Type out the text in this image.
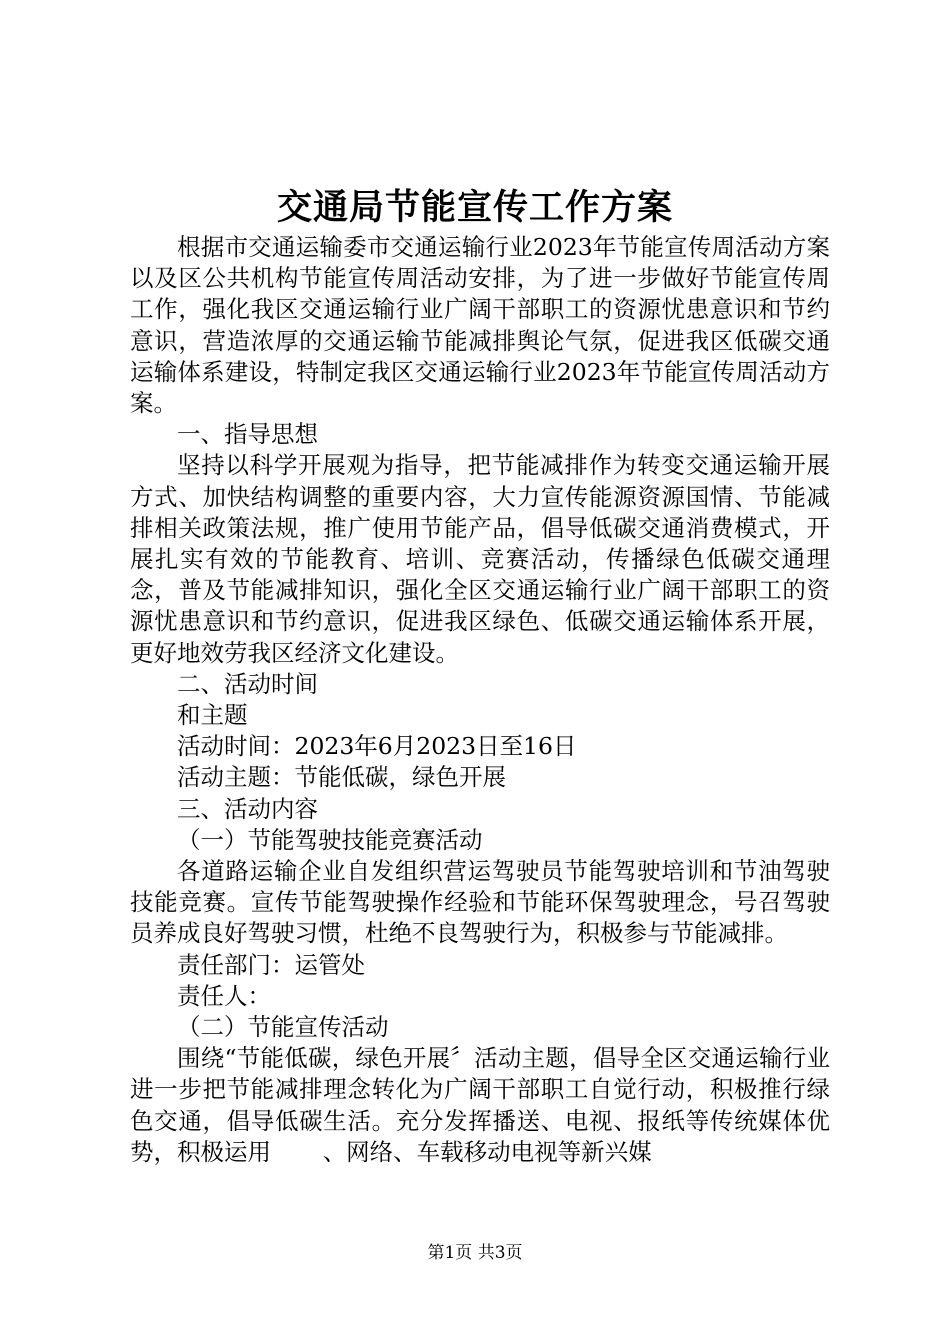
交通局节能宣传工作方案

根据市交通运输委市交通运输行业2023年节能宣传周活动方案以及区公共机构节能宣传周活动安排，为了进一步做好节能宣传周工作，强化我区交通运输行业广阔干部职工的资源忧患意识和节约意识，营造浓厚的交通运输节能减排舆论气氛，促进我区低碳交通运输体系建设，特制定我区交通运输行业2023年节能宣传周活动方案。

一、指导思想

坚持以科学开展观为指导，把节能减排作为转变交通运输开展方式、加快结构调整的重要内容，大力宣传能源资源国情、节能减排相关政策法规，推广使用节能产品，倡导低碳交通消费模式，开展扎实有效的节能教育、培训、竞赛活动，传播绿色低碳交通理念，普及节能减排知识，强化全区交通运输行业广阔干部职工的资源忧患意识和节约意识，促进我区绿色、低碳交通运输体系开展，更好地效劳我区经济文化建设。

二、活动时间

和主题

活动时间：2023年6月2023日至16日

活动主题：节能低碳，绿色开展

三、活动内容

（一）节能驾驶技能竞赛活动

各道路运输企业自发组织营运驾驶员节能驾驶培训和节油驾驶技能竞赛。宣传节能驾驶操作经验和节能环保驾驶理念，号召驾驶员养成良好驾驶习惯，杜绝不良驾驶行为，积极参与节能减排。

责任部门：运管处

责任人：

（二）节能宣传活动

围绕“节能低碳，绿色开展〞活动主题，倡导全区交通运输行业进一步把节能减排理念转化为广阔干部职工自觉行动，积极推行绿色交通，倡导低碳生活。充分发挥播送、电视、报纸等传统媒体优势，积极运用 、网络、车载移动电视等新兴媒

第1页 共3页
